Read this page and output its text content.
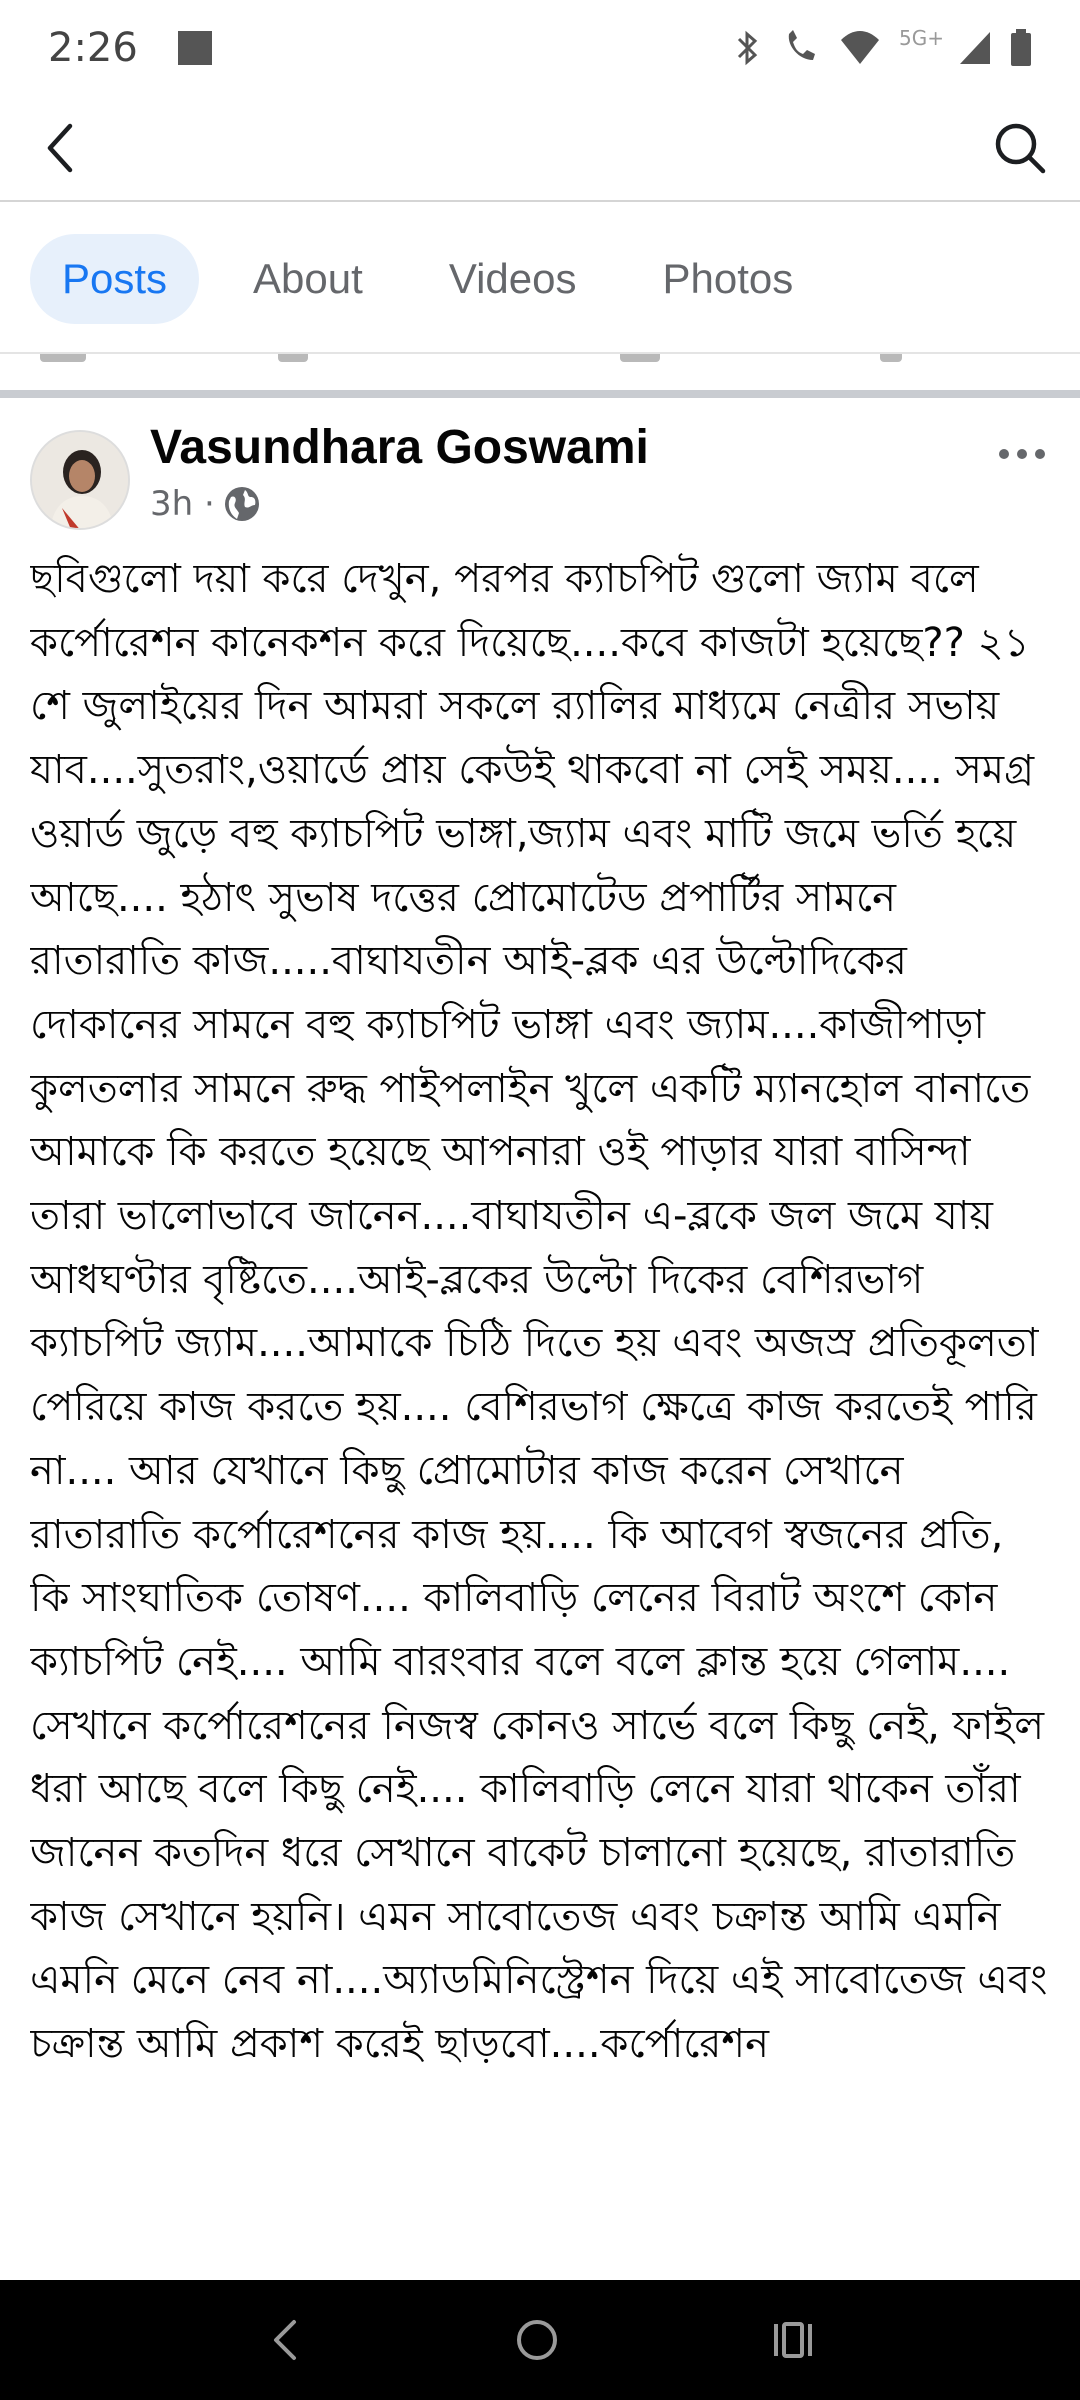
2:26	5G+
Posts	About	Videos	Photos
Vasundhara Goswami
3h ·

ছবিগুলো দয়া করে দেখুন, পরপর ক্যাচপিট গুলো জ্যাম বলে কর্পোরেশন কানেকশন করে দিয়েছে....কবে কাজটা হয়েছে?? ২১ শে জুলাইয়ের দিন আমরা সকলে র‍্যালির মাধ্যমে নেত্রীর সভায় যাব....সুতরাং,ওয়ার্ডে প্রায় কেউই থাকবো না সেই সময়.... সমগ্র ওয়ার্ড জুড়ে বহু ক্যাচপিট ভাঙ্গা,জ্যাম এবং মাটি জমে ভর্তি হয়ে আছে.... হঠাৎ সুভাষ দত্তের প্রোমোটেড প্রপার্টির সামনে রাতারাতি কাজ.....বাঘাযতীন আই-ব্লক এর উল্টোদিকের দোকানের সামনে বহু ক্যাচপিট ভাঙ্গা এবং জ্যাম....কাজীপাড়া কুলতলার সামনে রুদ্ধ পাইপলাইন খুলে একটি ম্যানহোল বানাতে আমাকে কি করতে হয়েছে আপনারা ওই পাড়ার যারা বাসিন্দা তারা ভালোভাবে জানেন....বাঘাযতীন এ-ব্লকে জল জমে যায় আধঘণ্টার বৃষ্টিতে....আই-ব্লকের উল্টো দিকের বেশিরভাগ ক্যাচপিট জ্যাম....আমাকে চিঠি দিতে হয় এবং অজস্র প্রতিকূলতা পেরিয়ে কাজ করতে হয়.... বেশিরভাগ ক্ষেত্রে কাজ করতেই পারি না.... আর যেখানে কিছু প্রোমোটার কাজ করেন সেখানে রাতারাতি কর্পোরেশনের কাজ হয়.... কি আবেগ স্বজনের প্রতি, কি সাংঘাতিক তোষণ.... কালিবাড়ি লেনের বিরাট অংশে কোন ক্যাচপিট নেই.... আমি বারংবার বলে বলে ক্লান্ত হয়ে গেলাম.... সেখানে কর্পোরেশনের নিজস্ব কোনও সার্ভে বলে কিছু নেই, ফাইল ধরা আছে বলে কিছু নেই.... কালিবাড়ি লেনে যারা থাকেন তাঁরা জানেন কতদিন ধরে সেখানে বাকেট চালানো হয়েছে, রাতারাতি কাজ সেখানে হয়নি। এমন সাবোতেজ এবং চক্রান্ত আমি এমনি এমনি মেনে নেব না....অ্যাডমিনিস্ট্রেশন দিয়ে এই সাবোতেজ এবং চক্রান্ত আমি প্রকাশ করেই ছাড়বো....কর্পোরেশন
